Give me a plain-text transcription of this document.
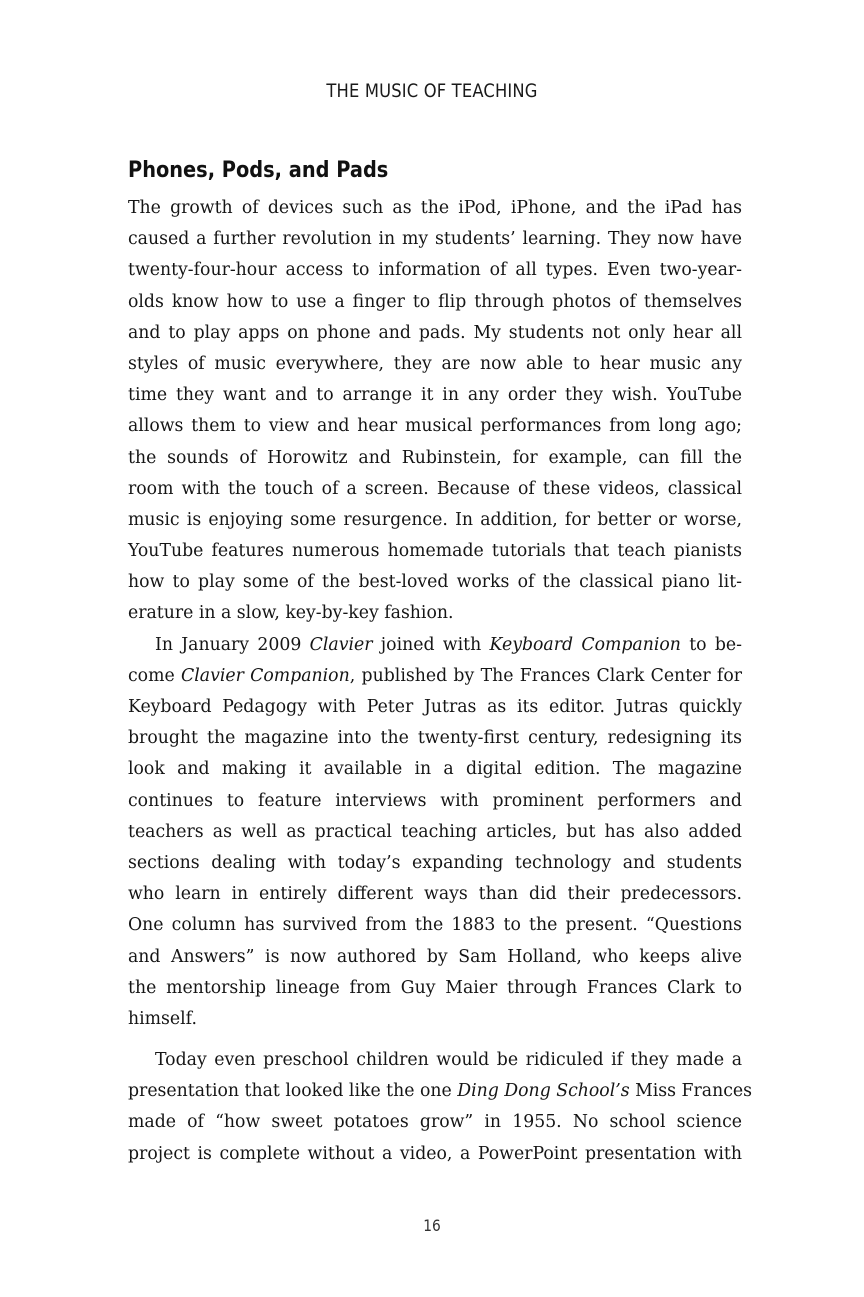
THE MUSIC OF TEACHING
Phones, Pods, and Pads
The growth of devices such as the iPod, iPhone, and the iPad has
caused a further revolution in my students’ learning. They now have
twenty-four-hour access to information of all types. Even two-year-
olds know how to use a finger to flip through photos of themselves
and to play apps on phone and pads. My students not only hear all
styles of music everywhere, they are now able to hear music any
time they want and to arrange it in any order they wish. YouTube
allows them to view and hear musical performances from long ago;
the sounds of Horowitz and Rubinstein, for example, can fill the
room with the touch of a screen. Because of these videos, classical
music is enjoying some resurgence. In addition, for better or worse,
YouTube features numerous homemade tutorials that teach pianists
how to play some of the best-loved works of the classical piano lit-
erature in a slow, key-by-key fashion.
In January 2009 Clavier joined with Keyboard Companion to be-
come Clavier Companion, published by The Frances Clark Center for
Keyboard Pedagogy with Peter Jutras as its editor. Jutras quickly
brought the magazine into the twenty-first century, redesigning its
look and making it available in a digital edition. The magazine
continues to feature interviews with prominent performers and
teachers as well as practical teaching articles, but has also added
sections dealing with today’s expanding technology and students
who learn in entirely different ways than did their predecessors.
One column has survived from the 1883 to the present. “Questions
and Answers” is now authored by Sam Holland, who keeps alive
the mentorship lineage from Guy Maier through Frances Clark to
himself.
Today even preschool children would be ridiculed if they made a
presentation that looked like the one Ding Dong School’s Miss Frances
made of “how sweet potatoes grow” in 1955. No school science
project is complete without a video, a PowerPoint presentation with
16
